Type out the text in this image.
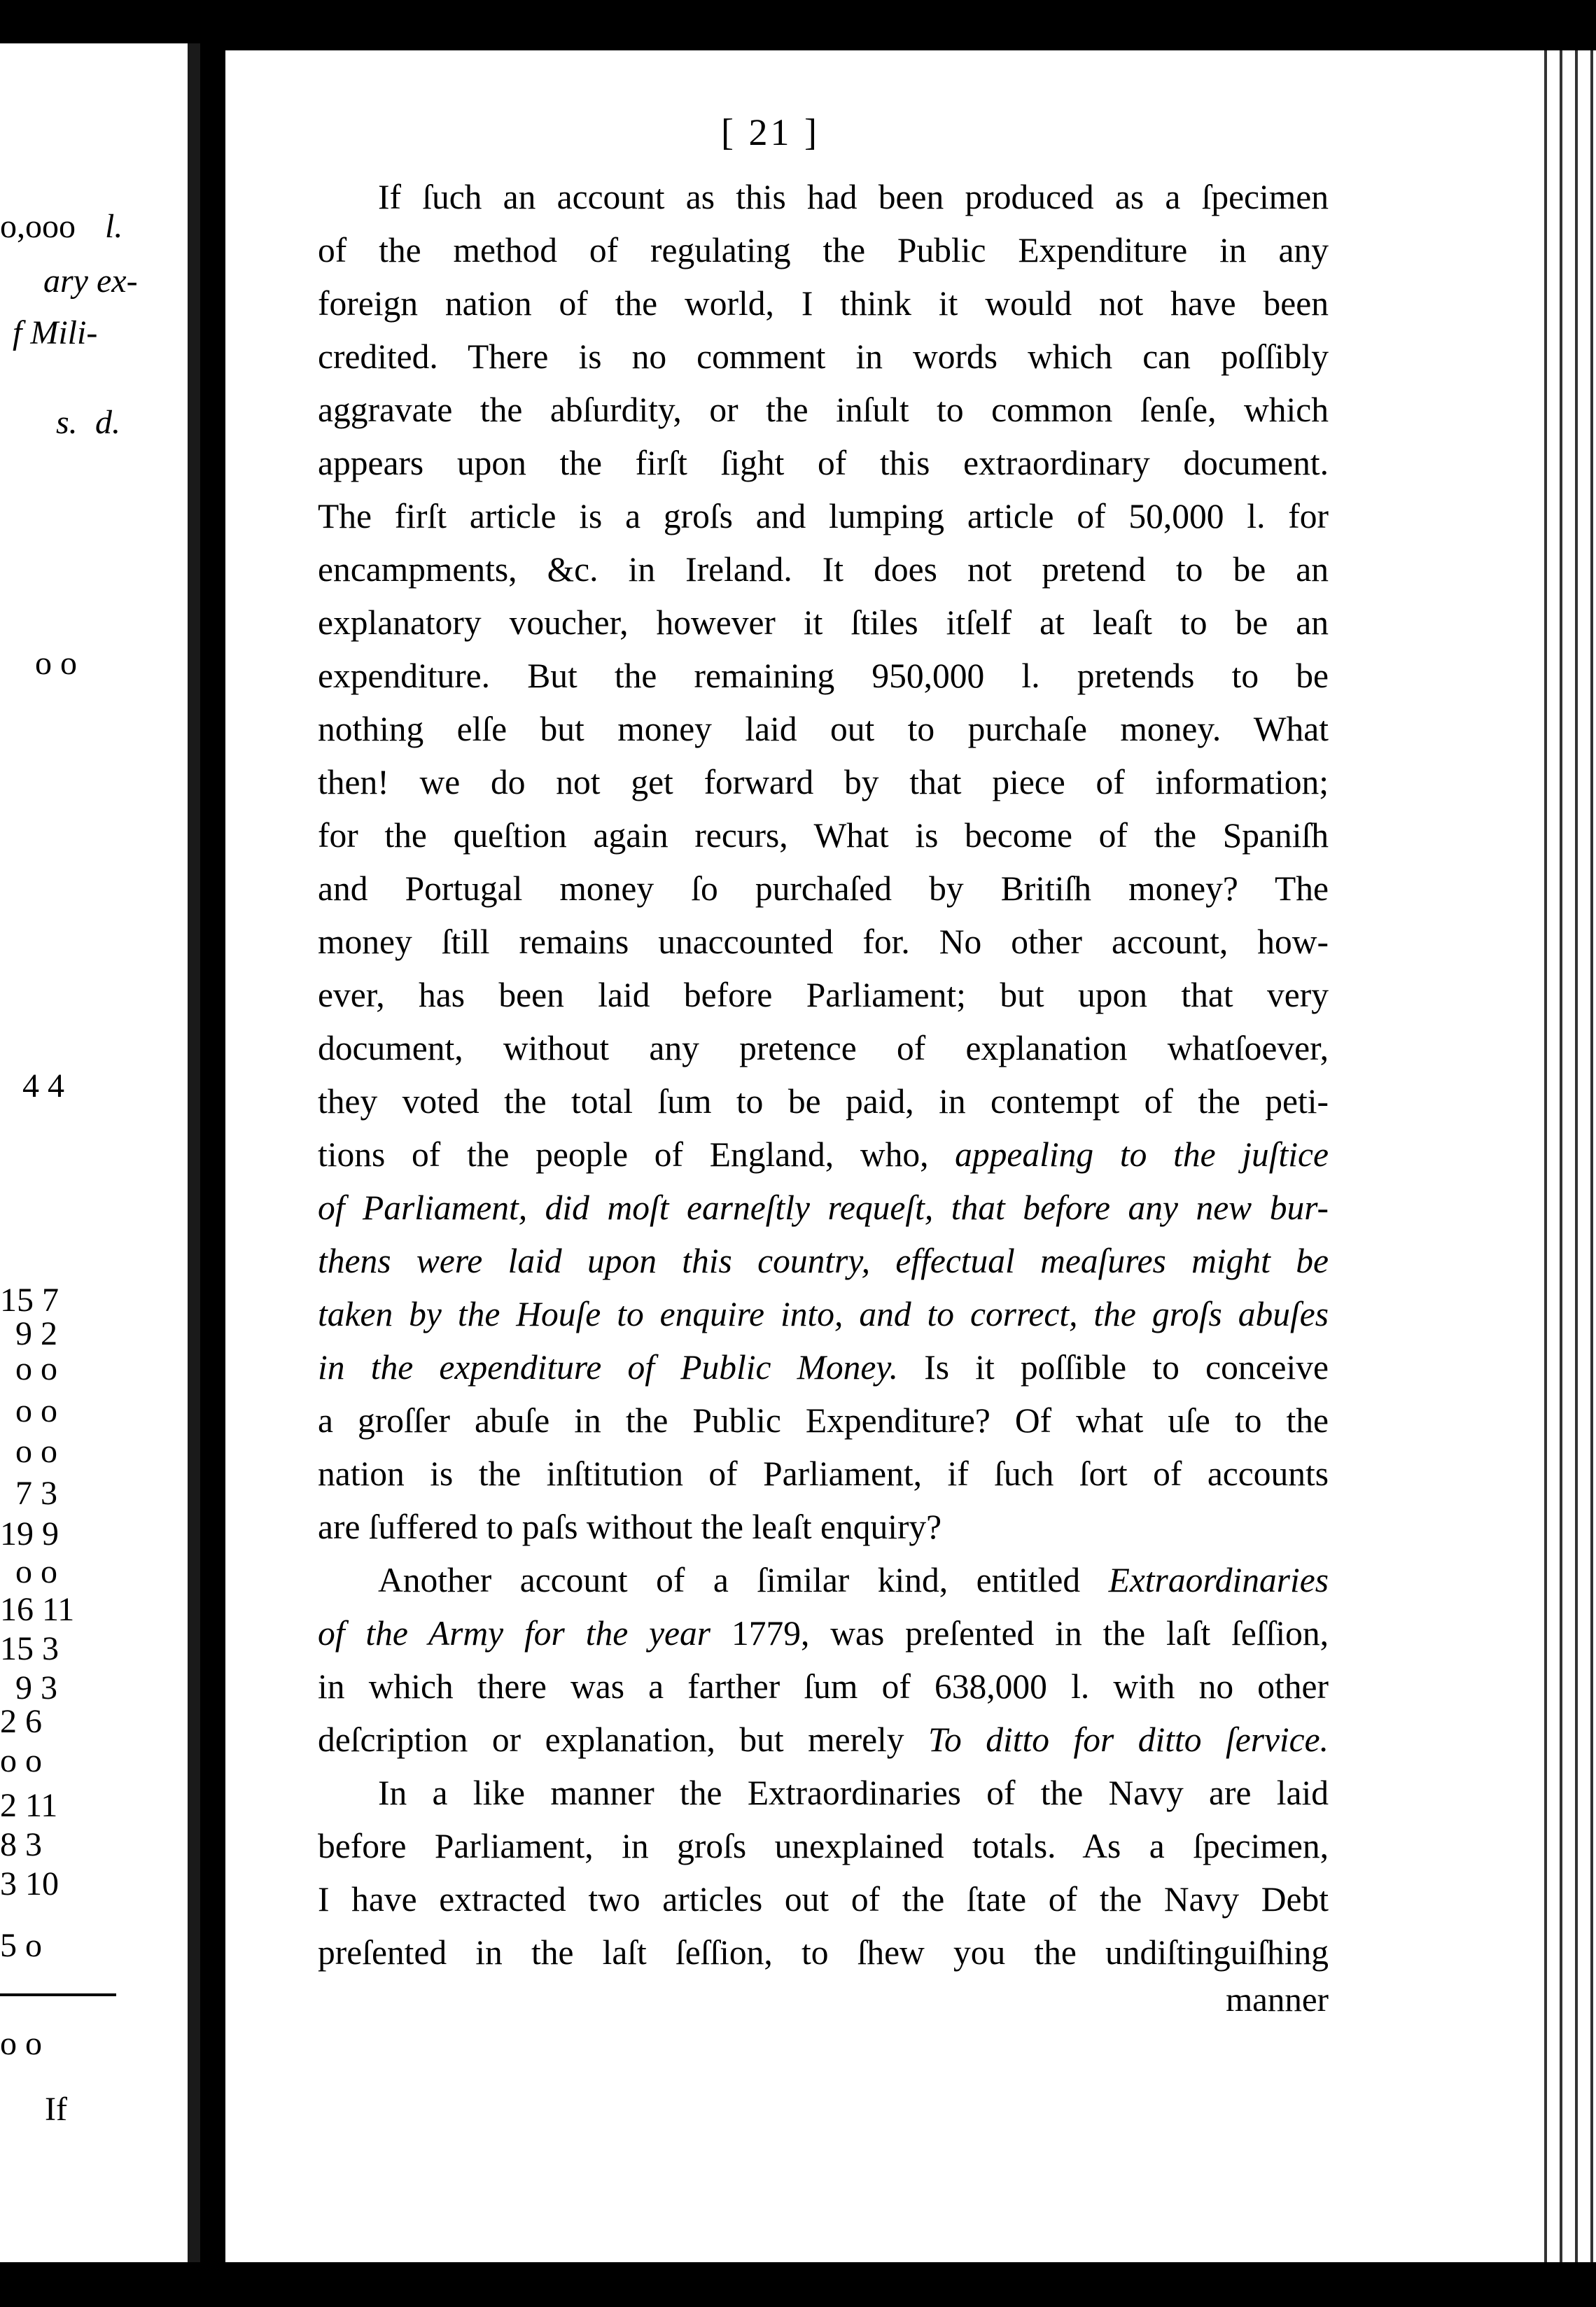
[ 21 ]
If ſuch an account as this had been produced as a ſpecimen
of the method of regulating the Public Expenditure in any
foreign nation of the world, I think it would not have been
credited. There is no comment in words which can poſſibly
aggravate the abſurdity, or the inſult to common ſenſe, which
appears upon the firſt ſight of this extraordinary document.
The firſt article is a groſs and lumping article of 50,000 l. for
encampments, &c. in Ireland. It does not pretend to be an
explanatory voucher, however it ſtiles itſelf at leaſt to be an
expenditure. But the remaining 950,000 l. pretends to be
nothing elſe but money laid out to purchaſe money. What
then! we do not get forward by that piece of information;
for the queſtion again recurs, What is become of the Spaniſh
and Portugal money ſo purchaſed by Britiſh money? The
money ſtill remains unaccounted for. No other account, how-
ever, has been laid before Parliament; but upon that very
document, without any pretence of explanation whatſoever,
they voted the total ſum to be paid, in contempt of the peti-
tions of the people of England, who, appealing to the juſtice
of Parliament, did moſt earneſtly requeſt, that before any new bur-
thens were laid upon this country, effectual meaſures might be
taken by the Houſe to enquire into, and to correct, the groſs abuſes
in the expenditure of Public Money. Is it poſſible to conceive
a groſſer abuſe in the Public Expenditure? Of what uſe to the
nation is the inſtitution of Parliament, if ſuch ſort of accounts
are ſuffered to paſs without the leaſt enquiry?
Another account of a ſimilar kind, entitled Extraordinaries
of the Army for the year 1779, was preſented in the laſt ſeſſion,
in which there was a farther ſum of 638,000 l. with no other
deſcription or explanation, but merely To ditto for ditto ſervice.
In a like manner the Extraordinaries of the Navy are laid
before Parliament, in groſs unexplained totals. As a ſpecimen,
I have extracted two articles out of the ſtate of the Navy Debt
preſented in the laſt ſeſſion, to ſhew you the undiſtinguiſhing
manner
o,ooo l.
ary ex-
f Mili-
s. d.
o o
4 4
15 7
9 2
o o
o o
o o
7 3
19 9
o o
16 11
15 3
9 3
2 6
o o
2 11
8 3
3 10
5 o
o o
If
